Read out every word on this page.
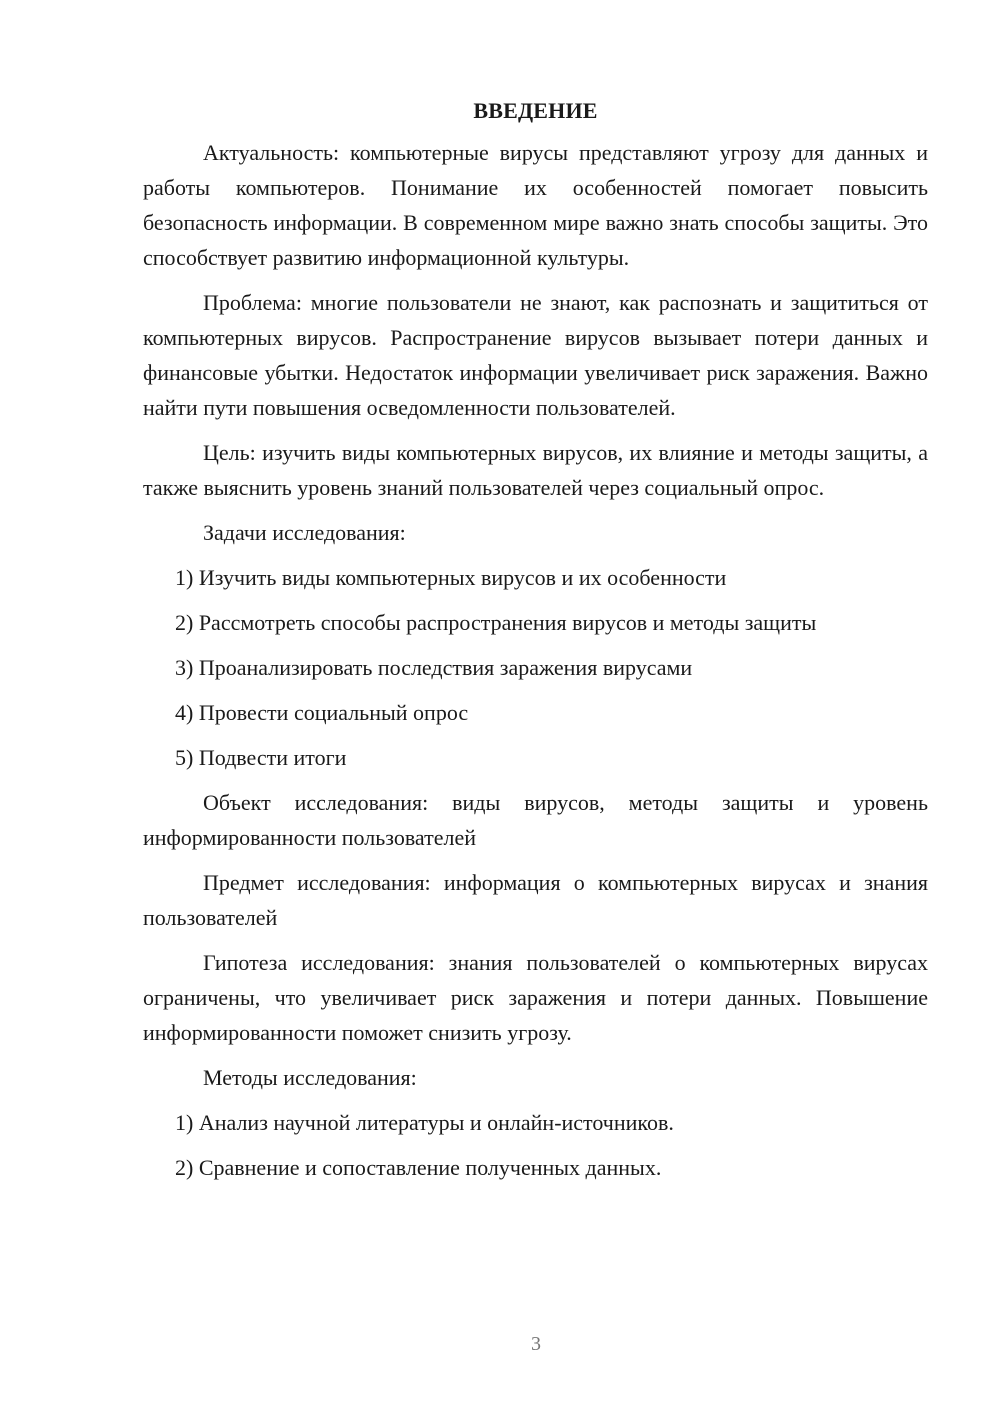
ВВЕДЕНИЕ

Актуальность: компьютерные вирусы представляют угрозу для данных и работы компьютеров. Понимание их особенностей помогает повысить безопасность информации. В современном мире важно знать способы защиты. Это способствует развитию информационной культуры.

Проблема: многие пользователи не знают, как распознать и защититься от компьютерных вирусов. Распространение вирусов вызывает потери данных и финансовые убытки. Недостаток информации увеличивает риск заражения. Важно найти пути повышения осведомленности пользователей.

Цель: изучить виды компьютерных вирусов, их влияние и методы защиты, а также выяснить уровень знаний пользователей через социальный опрос.

Задачи исследования:

1) Изучить виды компьютерных вирусов и их особенности

2) Рассмотреть способы распространения вирусов и методы защиты

3) Проанализировать последствия заражения вирусами

4) Провести социальный опрос

5) Подвести итоги

Объект исследования: виды вирусов, методы защиты и уровень информированности пользователей

Предмет исследования: информация о компьютерных вирусах и знания пользователей

Гипотеза исследования: знания пользователей о компьютерных вирусах ограничены, что увеличивает риск заражения и потери данных. Повышение информированности поможет снизить угрозу.

Методы исследования:

1) Анализ научной литературы и онлайн-источников.

2) Сравнение и сопоставление полученных данных.

3
